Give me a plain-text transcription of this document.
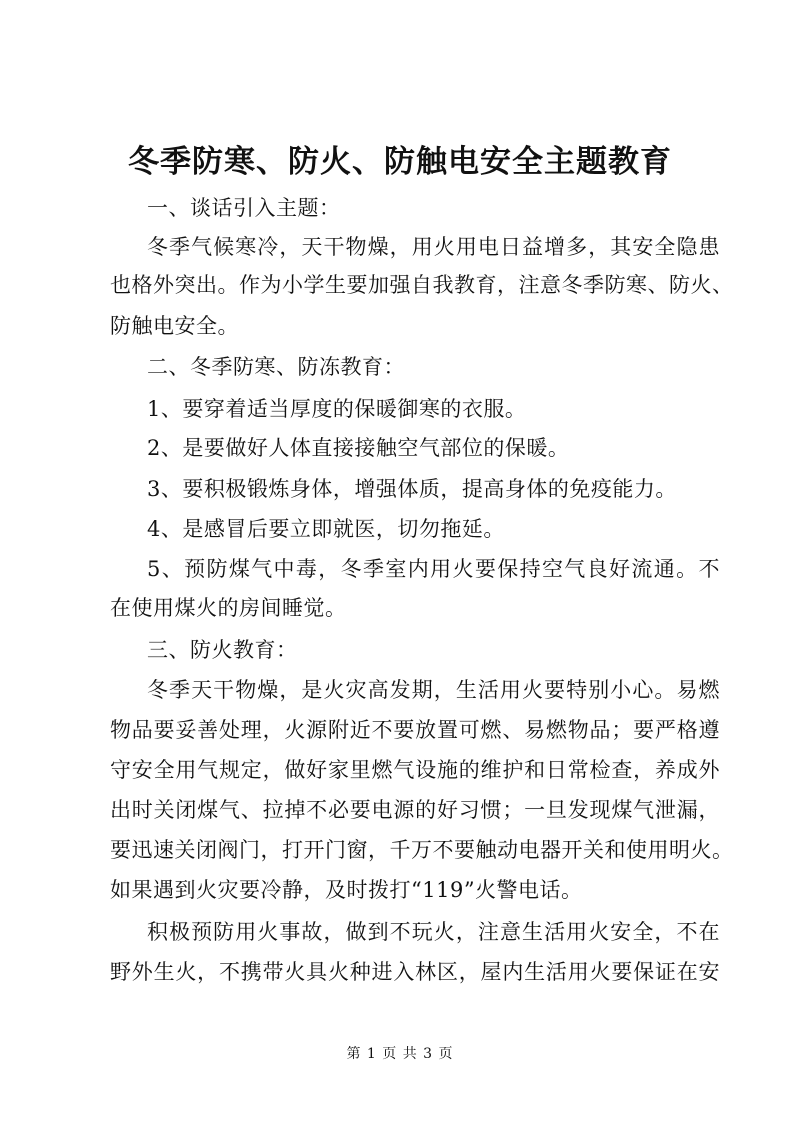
冬季防寒、防火、防触电安全主题教育
一、谈话引入主题：
冬季气候寒冷，天干物燥，用火用电日益增多，其安全隐患
也格外突出。作为小学生要加强自我教育，注意冬季防寒、防火、
防触电安全。
二、冬季防寒、防冻教育：
1、要穿着适当厚度的保暖御寒的衣服。
2、是要做好人体直接接触空气部位的保暖。
3、要积极锻炼身体，增强体质，提高身体的免疫能力。
4、是感冒后要立即就医，切勿拖延。
5、预防煤气中毒，冬季室内用火要保持空气良好流通。不
在使用煤火的房间睡觉。
三、防火教育：
冬季天干物燥，是火灾高发期，生活用火要特别小心。易燃
物品要妥善处理，火源附近不要放置可燃、易燃物品；要严格遵
守安全用气规定，做好家里燃气设施的维护和日常检查，养成外
出时关闭煤气、拉掉不必要电源的好习惯；一旦发现煤气泄漏，
要迅速关闭阀门，打开门窗，千万不要触动电器开关和使用明火。
如果遇到火灾要冷静，及时拨打“119”火警电话。
积极预防用火事故，做到不玩火，注意生活用火安全，不在
野外生火，不携带火具火种进入林区，屋内生活用火要保证在安
第 1 页 共 3 页
